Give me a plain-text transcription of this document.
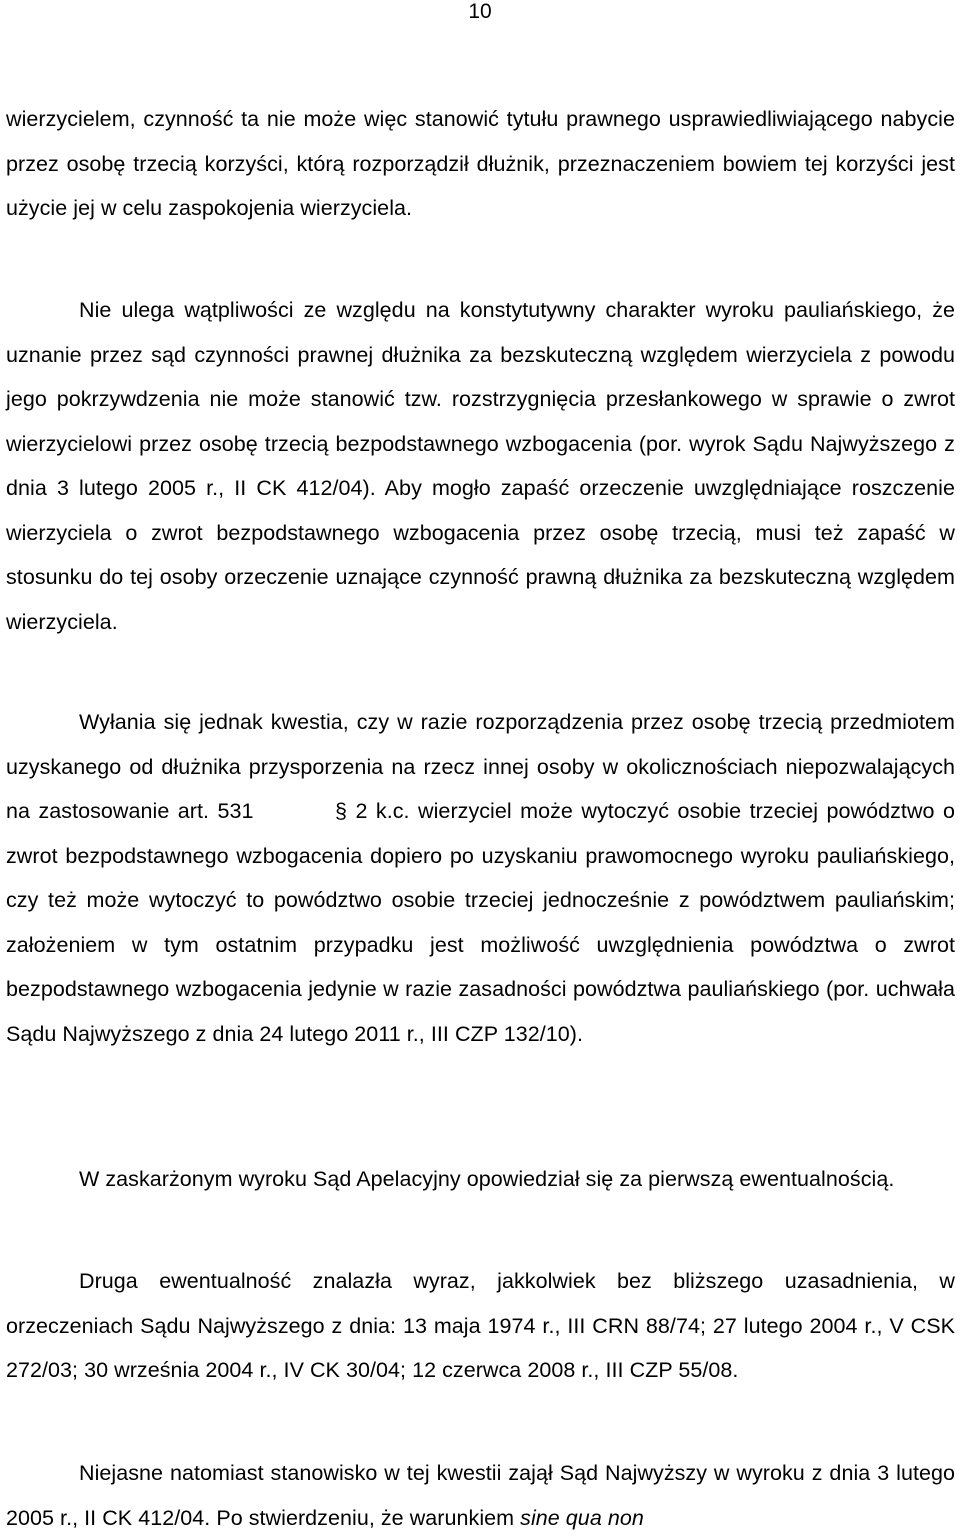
10

wierzycielem, czynność ta nie może więc stanowić tytułu prawnego usprawiedliwiającego nabycie przez osobę trzecią korzyści, którą rozporządził dłużnik, przeznaczeniem bowiem tej korzyści jest użycie jej w celu zaspokojenia wierzyciela.

Nie ulega wątpliwości ze względu na konstytutywny charakter wyroku pauliańskiego, że uznanie przez sąd czynności prawnej dłużnika za bezskuteczną względem wierzyciela z powodu jego pokrzywdzenia nie może stanowić tzw. rozstrzygnięcia przesłankowego w sprawie o zwrot wierzycielowi przez osobę trzecią bezpodstawnego wzbogacenia (por. wyrok Sądu Najwyższego z dnia 3 lutego 2005 r., II CK 412/04). Aby mogło zapaść orzeczenie uwzględniające roszczenie wierzyciela o zwrot bezpodstawnego wzbogacenia przez osobę trzecią, musi też zapaść w stosunku do tej osoby orzeczenie uznające czynność prawną dłużnika za bezskuteczną względem wierzyciela.

Wyłania się jednak kwestia, czy w razie rozporządzenia przez osobę trzecią przedmiotem uzyskanego od dłużnika przysporzenia na rzecz innej osoby w okolicznościach niepozwalających na zastosowanie art. 531	§ 2 k.c. wierzyciel może wytoczyć osobie trzeciej powództwo o zwrot bezpodstawnego wzbogacenia dopiero po uzyskaniu prawomocnego wyroku pauliańskiego, czy też może wytoczyć to powództwo osobie trzeciej jednocześnie z powództwem pauliańskim; założeniem w tym ostatnim przypadku jest możliwość uwzględnienia powództwa o zwrot bezpodstawnego wzbogacenia jedynie w razie zasadności powództwa pauliańskiego (por. uchwała Sądu Najwyższego z dnia 24 lutego 2011 r., III CZP 132/10).

W zaskarżonym wyroku Sąd Apelacyjny opowiedział się za pierwszą ewentualnością.

Druga ewentualność znalazła wyraz, jakkolwiek bez bliższego uzasadnienia, w orzeczeniach Sądu Najwyższego z dnia: 13 maja 1974 r., III CRN 88/74; 27 lutego 2004 r., V CSK 272/03; 30 września 2004 r., IV CK 30/04; 12 czerwca 2008 r., III CZP 55/08.

Niejasne natomiast stanowisko w tej kwestii zajął Sąd Najwyższy w wyroku z dnia 3 lutego 2005 r., II CK 412/04. Po stwierdzeniu, że warunkiem sine qua non
